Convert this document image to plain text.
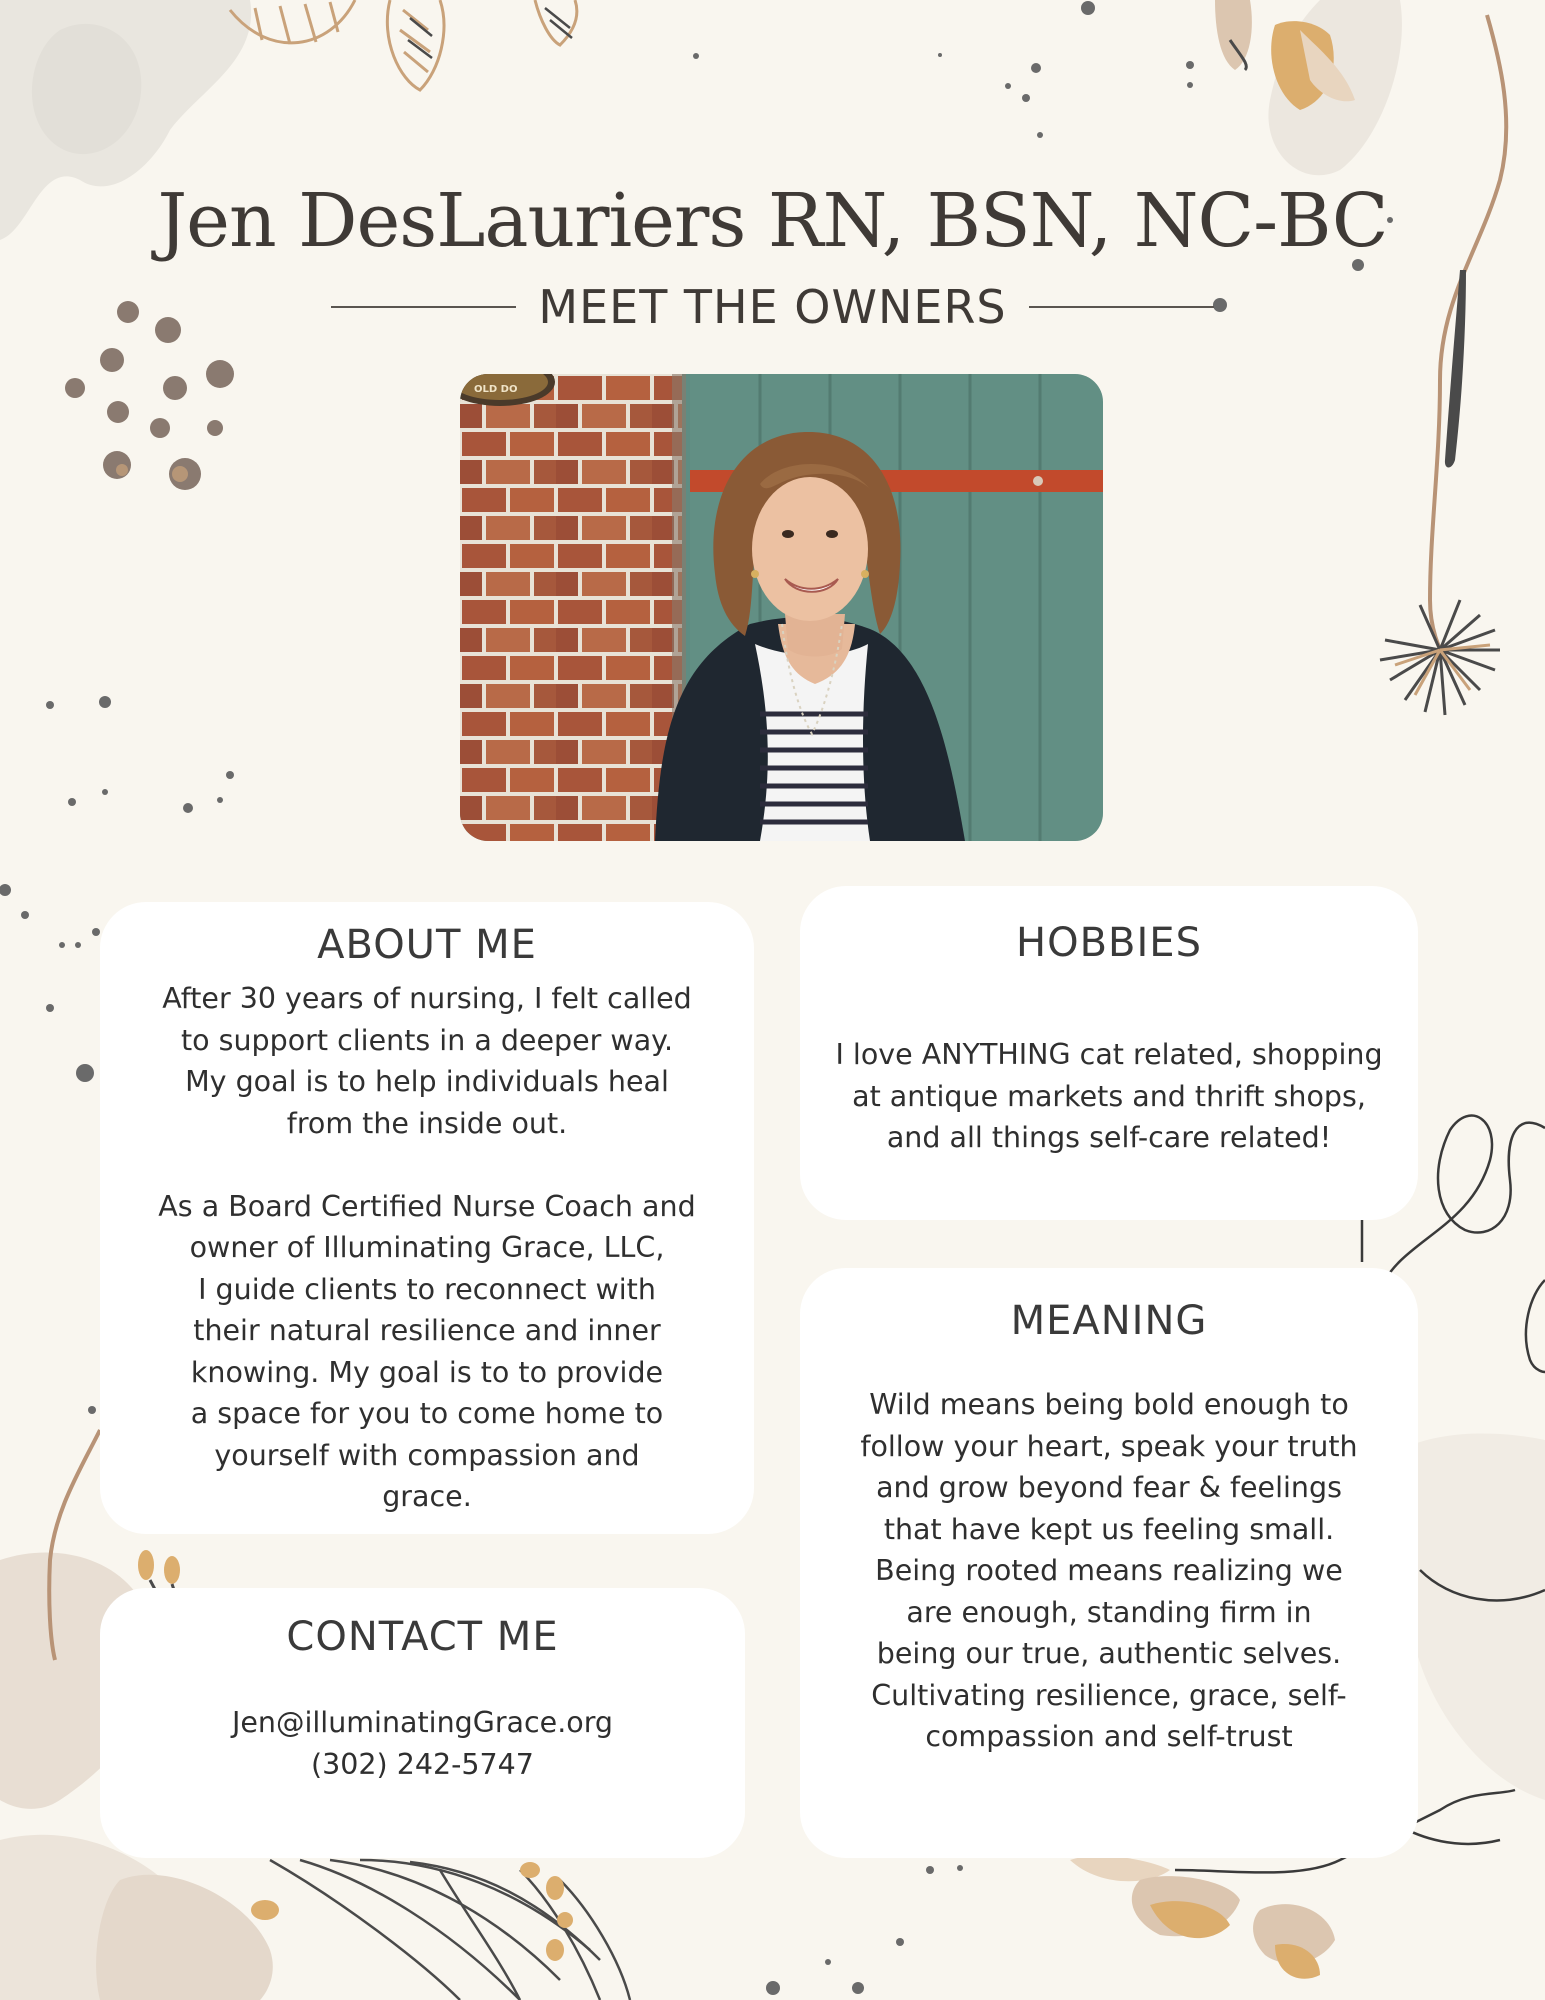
Jen DesLauriers RN, BSN, NC-BC
MEET THE OWNERS
OLD DO
ABOUT ME

After 30 years of nursing, I felt called
to support clients in a deeper way.
My goal is to help individuals heal
from the inside out.

As a Board Certified Nurse Coach and
owner of Illuminating Grace, LLC,
I guide clients to reconnect with
their natural resilience and inner
knowing. My goal is to to provide
a space for you to come home to
yourself with compassion and
grace.

HOBBIES

I love ANYTHING cat related, shopping
at antique markets and thrift shops,
and all things self-care related!

MEANING

Wild means being bold enough to
follow your heart, speak your truth
and grow beyond fear & feelings
that have kept us feeling small.
Being rooted means realizing we
are enough, standing firm in
being our true, authentic selves.
Cultivating resilience, grace, self-
compassion and self-trust

CONTACT ME

Jen@illuminatingGrace.org
(302) 242-5747
